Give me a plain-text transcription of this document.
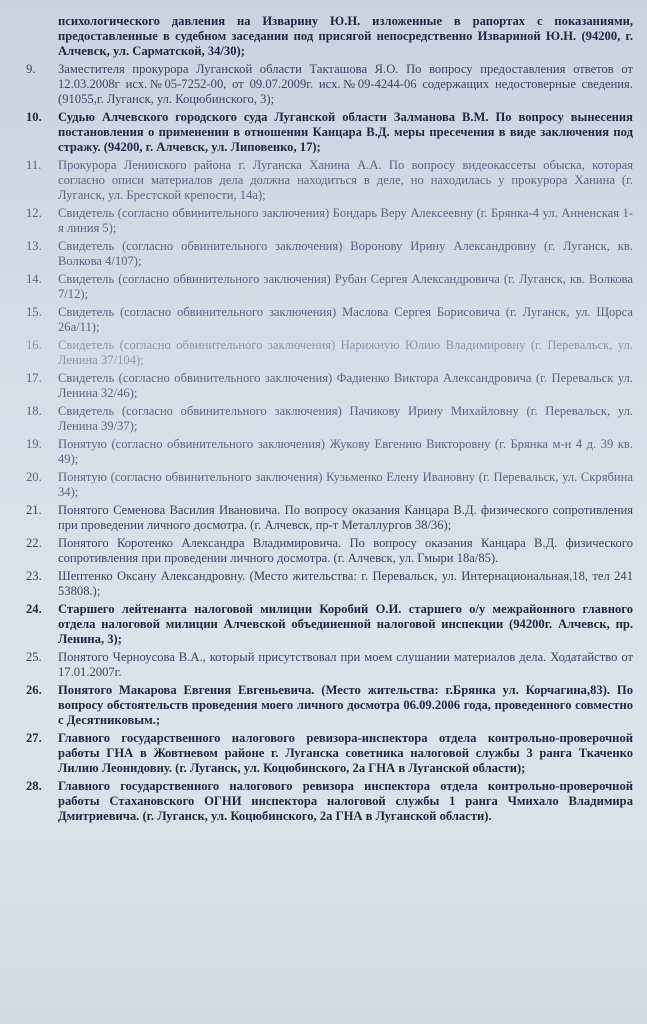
психологического давления на Изварину Ю.Н. изложенные в рапортах с показаниями, предоставленные в судебном заседании под присягой непосредственно Извариной Ю.Н. (94200, г. Алчевск, ул. Сарматской, 34/30);
9.	Заместителя прокурора Луганской области Такташова Я.О. По вопросу предоставления ответов от 12.03.2008г исх.№05-7252-00, от 09.07.2009г. исх.№09-4244-06 содержащих недостоверные сведения. (91055,г. Луганск, ул. Коцюбинского, 3);
10.	Судью Алчевского городского суда Луганской области Залманова В.М. По вопросу вынесения постановления о применении в отношении Канцара В.Д. меры пресечения в виде заключения под стражу. (94200, г. Алчевск, ул. Липовенко, 17);
11.	Прокурора Ленинского района г. Луганска Ханина А.А. По вопросу видеокассеты обыска, которая согласно описи материалов дела должна находиться в деле, но находилась у прокурора Ханина (г. Луганск, ул. Брестской крепости, 14а);
12.	Свидетель (согласно обвинительного заключения) Бондарь Веру Алексеевну (г. Брянка-4 ул. Анненская 1-я линия 5);
13.	Свидетель (согласно обвинительного заключения) Воронову Ирину Александровну (г. Луганск, кв. Волкова 4/107);
14.	Свидетель (согласно обвинительного заключения) Рубан Сергея Александровича (г. Луганск, кв. Волкова 7/12);
15.	Свидетель (согласно обвинительного заключения) Маслова Сергея Борисовича (г. Луганск, ул. Щорса 26а/11);
16.	Свидетель (согласно обвинительного заключения) Нарижную Юлию Владимировну (г. Перевальск, ул. Ленина 37/104);
17.	Свидетель (согласно обвинительного заключения) Фадиенко Виктора Александровича (г. Перевальск ул. Ленина 32/46);
18.	Свидетель (согласно обвинительного заключения) Пачикову Ирину Михайловну (г. Перевальск, ул. Ленина 39/37);
19.	Понятую (согласно обвинительного заключения) Жукову Евгению Викторовну (г. Брянка м-н 4 д. 39 кв. 49);
20.	Понятую (согласно обвинительного заключения) Кузьменко Елену Ивановну (г. Перевальск, ул. Скрябина 34);
21.	Понятого Семенова Василия Ивановича. По вопросу оказания Канцара В.Д. физического сопротивления при проведении личного досмотра. (г. Алчевск, пр-т Металлургов 38/36);
22.	Понятого Коротенко Александра Владимировича. По вопросу оказания Канцара В.Д. физического сопротивления при проведении личного досмотра. (г. Алчевск, ул. Гмыри 18а/85).
23.	Шептенко Оксану Александровну. (Место жительства: г. Перевальск, ул. Интернациональная,18, тел 241 53808.);
24.	Старшего лейтенанта налоговой милиции Коробий О.И. старшего о/у межрайонного главного отдела налоговой милиции Алчевской объединенной налоговой инспекции (94200г. Алчевск, пр. Ленина, 3);
25.	Понятого Черноусова В.А., который присутствовал при моем слушании материалов дела. Ходатайство от 17.01.2007г.
26.	Понятого Макарова Евгения Евгеньевича. (Место жительства: г.Брянка ул. Корчагина,83). По вопросу обстоятельств проведения моего личного досмотра 06.09.2006 года, проведенного совместно с Десятниковым.;
27.	Главного государственного налогового ревизора-инспектора отдела контрольно-проверочной работы ГНА в Жовтневом районе г. Луганска советника налоговой службы 3 ранга Ткаченко Лилию Леонидовну. (г. Луганск, ул. Коцюбинского, 2а ГНА в Луганской области);
28.	Главного государственного налогового ревизора инспектора отдела контрольно-проверочной работы Стахановского ОГНИ инспектора налоговой службы 1 ранга Чмихало Владимира Дмитриевича. (г. Луганск, ул. Коцюбинского, 2а ГНА в Луганской области).
